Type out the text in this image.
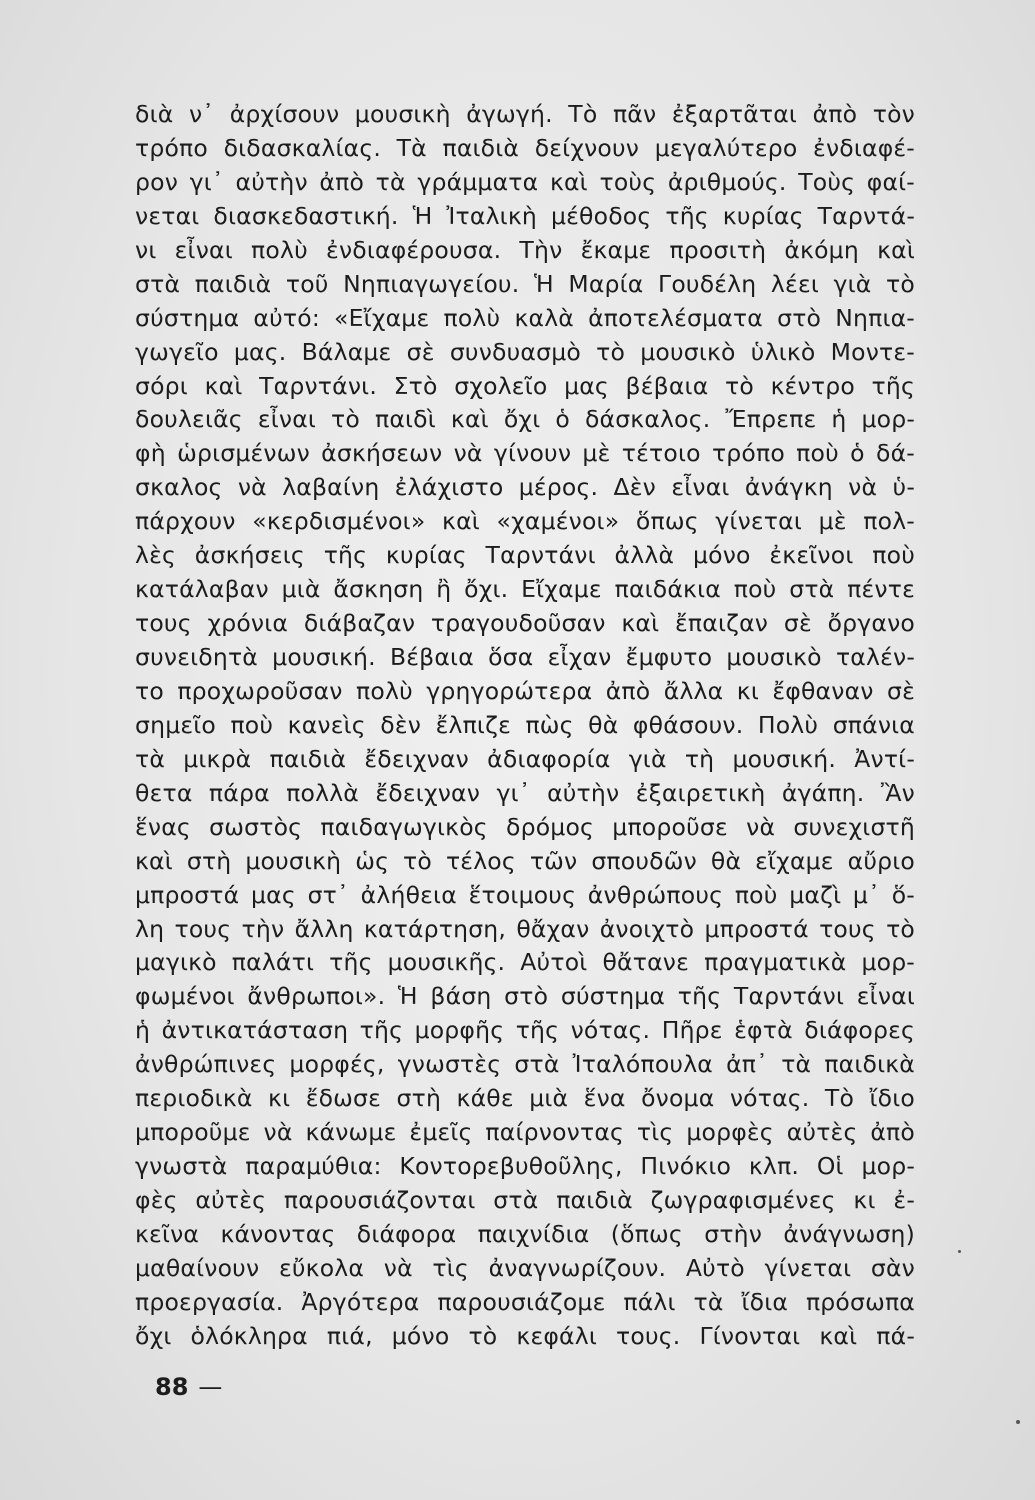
διὰ ν᾽ ἀρχίσουν μουσικὴ ἀγωγή. Τὸ πᾶν ἐξαρτᾶται ἀπὸ τὸν
τρόπο διδασκαλίας. Τὰ παιδιὰ δείχνουν μεγαλύτερο ἐνδιαφέ-
ρον γι᾽ αὐτὴν ἀπὸ τὰ γράμματα καὶ τοὺς ἀριθμούς. Τοὺς φαί-
νεται διασκεδαστική. Ἡ Ἰταλικὴ μέθοδος τῆς κυρίας Ταρντά-
νι εἶναι πολὺ ἐνδιαφέρουσα. Τὴν ἔκαμε προσιτὴ ἀκόμη καὶ
στὰ παιδιὰ τοῦ Νηπιαγωγείου. Ἡ Μαρία Γουδέλη λέει γιὰ τὸ
σύστημα αὐτό: «Εἴχαμε πολὺ καλὰ ἀποτελέσματα στὸ Νηπια-
γωγεῖο μας. Βάλαμε σὲ συνδυασμὸ τὸ μουσικὸ ὑλικὸ Μοντε-
σόρι καὶ Ταρντάνι. Στὸ σχολεῖο μας βέβαια τὸ κέντρο τῆς
δουλειᾶς εἶναι τὸ παιδὶ καὶ ὄχι ὁ δάσκαλος. Ἔπρεπε ἡ μορ-
φὴ ὡρισμένων ἀσκήσεων νὰ γίνουν μὲ τέτοιο τρόπο ποὺ ὁ δά-
σκαλος νὰ λαβαίνη ἐλάχιστο μέρος. Δὲν εἶναι ἀνάγκη νὰ ὑ-
πάρχουν «κερδισμένοι» καὶ «χαμένοι» ὅπως γίνεται μὲ πολ-
λὲς ἀσκήσεις τῆς κυρίας Ταρντάνι ἀλλὰ μόνο ἐκεῖνοι ποὺ
κατάλαβαν μιὰ ἄσκηση ἢ ὄχι. Εἴχαμε παιδάκια ποὺ στὰ πέντε
τους χρόνια διάβαζαν τραγουδοῦσαν καὶ ἔπαιζαν σὲ ὄργανο
συνειδητὰ μουσική. Βέβαια ὅσα εἶχαν ἔμφυτο μουσικὸ ταλέν-
το προχωροῦσαν πολὺ γρηγορώτερα ἀπὸ ἄλλα κι ἔφθαναν σὲ
σημεῖο ποὺ κανεὶς δὲν ἔλπιζε πὼς θὰ φθάσουν. Πολὺ σπάνια
τὰ μικρὰ παιδιὰ ἔδειχναν ἀδιαφορία γιὰ τὴ μουσική. Ἀντί-
θετα πάρα πολλὰ ἔδειχναν γι᾽ αὐτὴν ἐξαιρετικὴ ἀγάπη. Ἂν
ἕνας σωστὸς παιδαγωγικὸς δρόμος μποροῦσε νὰ συνεχιστῆ
καὶ στὴ μουσικὴ ὡς τὸ τέλος τῶν σπουδῶν θὰ εἴχαμε αὔριο
μπροστά μας στ᾽ ἀλήθεια ἕτοιμους ἀνθρώπους ποὺ μαζὶ μ᾽ ὅ-
λη τους τὴν ἄλλη κατάρτηση, θἄχαν ἀνοιχτὸ μπροστά τους τὸ
μαγικὸ παλάτι τῆς μουσικῆς. Αὐτοὶ θἄτανε πραγματικὰ μορ-
φωμένοι ἄνθρωποι». Ἡ βάση στὸ σύστημα τῆς Ταρντάνι εἶναι
ἡ ἀντικατάσταση τῆς μορφῆς τῆς νότας. Πῆρε ἑφτὰ διάφορες
ἀνθρώπινες μορφές, γνωστὲς στὰ Ἰταλόπουλα ἀπ᾽ τὰ παιδικὰ
περιοδικὰ κι ἔδωσε στὴ κάθε μιὰ ἕνα ὄνομα νότας. Τὸ ἴδιο
μποροῦμε νὰ κάνωμε ἐμεῖς παίρνοντας τὶς μορφὲς αὐτὲς ἀπὸ
γνωστὰ παραμύθια: Κοντορεβυθοῦλης, Πινόκιο κλπ. Οἱ μορ-
φὲς αὐτὲς παρουσιάζονται στὰ παιδιὰ ζωγραφισμένες κι ἐ-
κεῖνα κάνοντας διάφορα παιχνίδια (ὅπως στὴν ἀνάγνωση)
μαθαίνουν εὔκολα νὰ τὶς ἀναγνωρίζουν. Αὐτὸ γίνεται σὰν
προεργασία. Ἀργότερα παρουσιάζομε πάλι τὰ ἴδια πρόσωπα
ὄχι ὁλόκληρα πιά, μόνο τὸ κεφάλι τους. Γίνονται καὶ πά-
88 —
